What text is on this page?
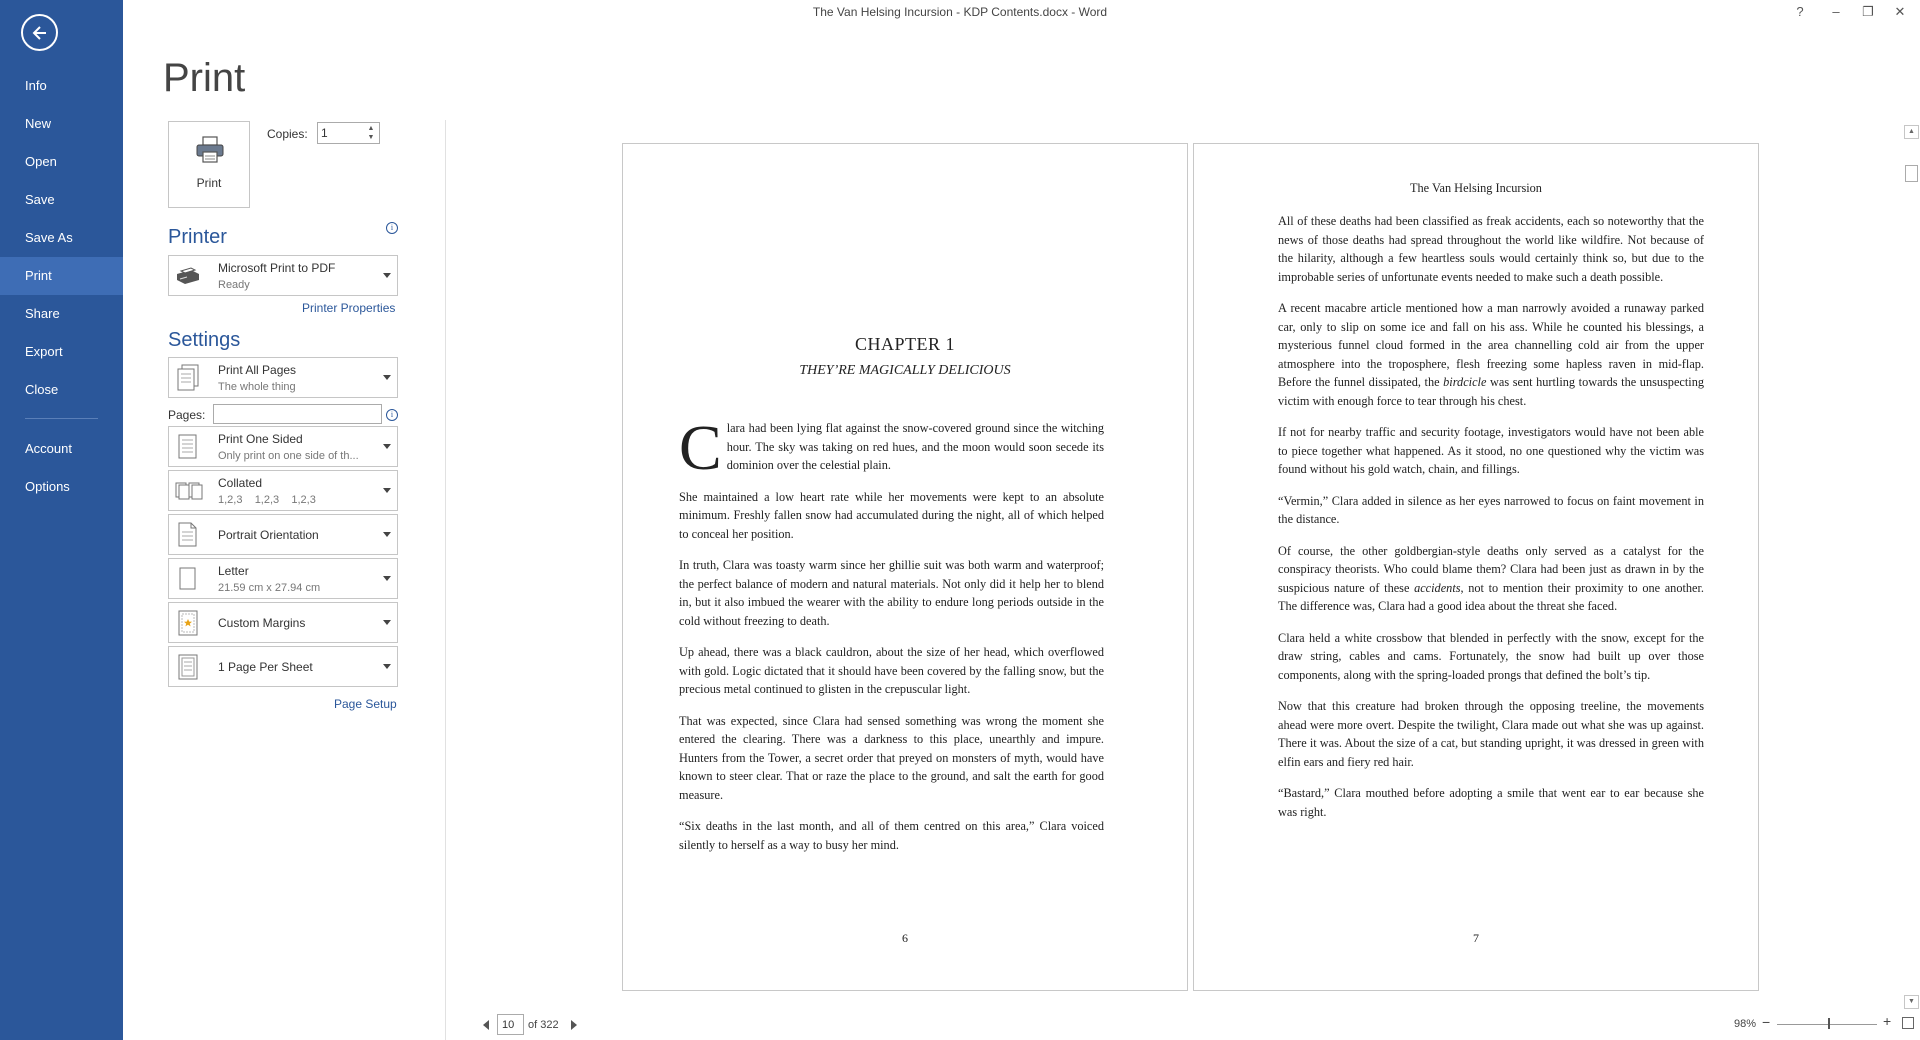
Info
New
Open
Save
Save As
Print
Share
Export
Close
Account
Options
The Van Helsing Incursion - KDP Contents.docx - Word	?	–	❐	✕
Print
Print
Copies:
1	▲
▼
Printer	i
Microsoft Print to PDF
Ready
Printer Properties
Settings
Print All Pages
The whole thing
Pages:	i
Print One Sided
Only print on one side of th...
Collated
1,2,3    1,2,3    1,2,3
Portrait Orientation
Letter
21.59 cm x 27.94 cm
Custom Margins
1 Page Per Sheet
Page Setup
CHAPTER 1
THEY’RE MAGICALLY DELICIOUS

Clara had been lying flat against the snow-covered ground since the witching hour. The sky was taking on red hues, and the moon would soon secede its dominion over the celestial plain.

She maintained a low heart rate while her movements were kept to an absolute minimum. Freshly fallen snow had accumulated during the night, all of which helped to conceal her position.

In truth, Clara was toasty warm since her ghillie suit was both warm and waterproof; the perfect balance of modern and natural materials. Not only did it help her to blend in, but it also imbued the wearer with the ability to endure long periods outside in the cold without freezing to death.

Up ahead, there was a black cauldron, about the size of her head, which overflowed with gold. Logic dictated that it should have been covered by the falling snow, but the precious metal continued to glisten in the crepuscular light.

That was expected, since Clara had sensed something was wrong the moment she entered the clearing. There was a darkness to this place, unearthly and impure. Hunters from the Tower, a secret order that preyed on monsters of myth, would have known to steer clear. That or raze the place to the ground, and salt the earth for good measure.

“Six deaths in the last month, and all of them centred on this area,” Clara voiced silently to herself as a way to busy her mind.

6
The Van Helsing Incursion

All of these deaths had been classified as freak accidents, each so noteworthy that the news of those deaths had spread throughout the world like wildfire. Not because of the hilarity, although a few heartless souls would certainly think so, but due to the improbable series of unfortunate events needed to make such a death possible.

A recent macabre article mentioned how a man narrowly avoided a runaway parked car, only to slip on some ice and fall on his ass. While he counted his blessings, a mysterious funnel cloud formed in the area channelling cold air from the upper atmosphere into the troposphere, flesh freezing some hapless raven in mid-flap. Before the funnel dissipated, the birdcicle was sent hurtling towards the unsuspecting victim with enough force to tear through his chest.

If not for nearby traffic and security footage, investigators would have not been able to piece together what happened. As it stood, no one questioned why the victim was found without his gold watch, chain, and fillings.

“Vermin,” Clara added in silence as her eyes narrowed to focus on faint movement in the distance.

Of course, the other goldbergian-style deaths only served as a catalyst for the conspiracy theorists. Who could blame them? Clara had been just as drawn in by the suspicious nature of these accidents, not to mention their proximity to one another. The difference was, Clara had a good idea about the threat she faced.

Clara held a white crossbow that blended in perfectly with the snow, except for the draw string, cables and cams. Fortunately, the snow had built up over those components, along with the spring-loaded prongs that defined the bolt’s tip.

Now that this creature had broken through the opposing treeline, the movements ahead were more overt. Despite the twilight, Clara made out what she was up against. There it was. About the size of a cat, but standing upright, it was dressed in green with elfin ears and fiery red hair.

“Bastard,” Clara mouthed before adopting a smile that went ear to ear because she was right.

7
▲
▼
10
of 322	98% −	+
